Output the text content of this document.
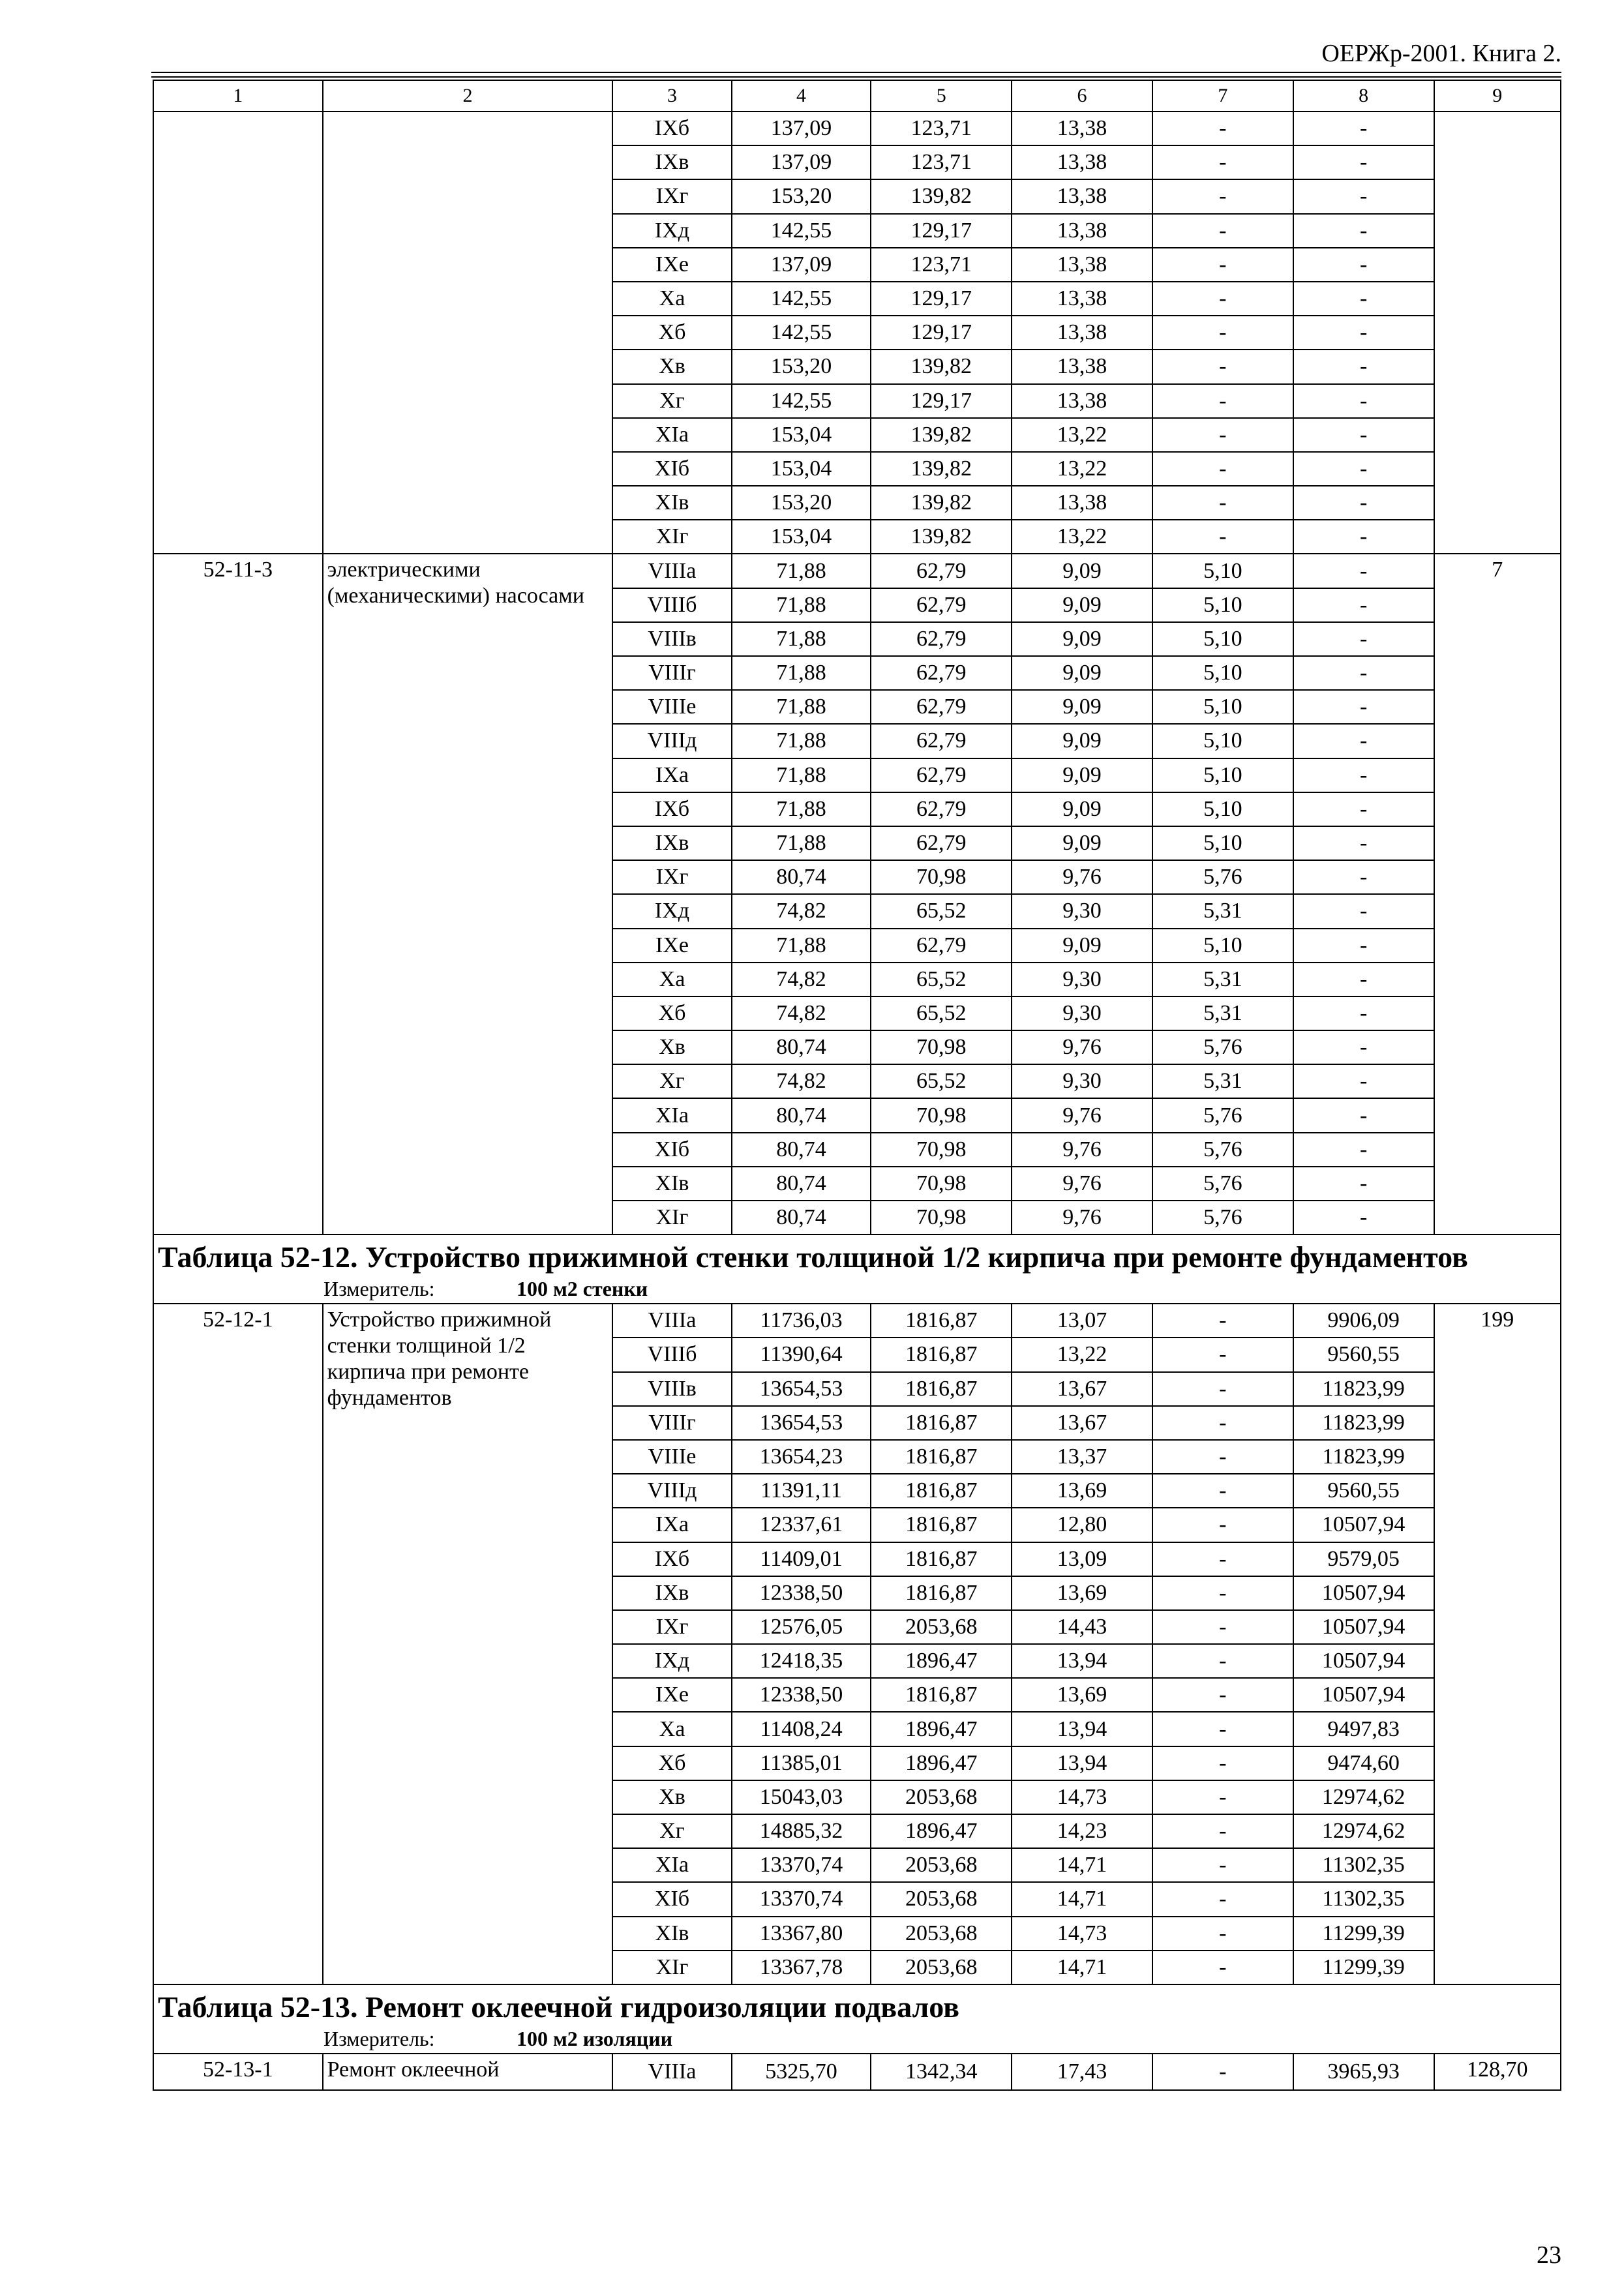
ОЕРЖр-2001. Книга 2.
1	2	3	4	5	6	7	8	9
		IXб	137,09	123,71	13,38	-	-	
		IXв	137,09	123,71	13,38	-	-	
		IXг	153,20	139,82	13,38	-	-	
		IXд	142,55	129,17	13,38	-	-	
		IXе	137,09	123,71	13,38	-	-	
		Xа	142,55	129,17	13,38	-	-	
		Xб	142,55	129,17	13,38	-	-	
		Xв	153,20	139,82	13,38	-	-	
		Xг	142,55	129,17	13,38	-	-	
		XIа	153,04	139,82	13,22	-	-	
		XIб	153,04	139,82	13,22	-	-	
		XIв	153,20	139,82	13,38	-	-	
		XIг	153,04	139,82	13,22	-	-	
52-11-3	электрическими (механическими) насосами	VIIIа	71,88	62,79	9,09	5,10	-	7
		VIIIб	71,88	62,79	9,09	5,10	-	
		VIIIв	71,88	62,79	9,09	5,10	-	
		VIIIг	71,88	62,79	9,09	5,10	-	
		VIIIе	71,88	62,79	9,09	5,10	-	
		VIIIд	71,88	62,79	9,09	5,10	-	
		IXа	71,88	62,79	9,09	5,10	-	
		IXб	71,88	62,79	9,09	5,10	-	
		IXв	71,88	62,79	9,09	5,10	-	
		IXг	80,74	70,98	9,76	5,76	-	
		IXд	74,82	65,52	9,30	5,31	-	
		IXе	71,88	62,79	9,09	5,10	-	
		Xа	74,82	65,52	9,30	5,31	-	
		Xб	74,82	65,52	9,30	5,31	-	
		Xв	80,74	70,98	9,76	5,76	-	
		Xг	74,82	65,52	9,30	5,31	-	
		XIа	80,74	70,98	9,76	5,76	-	
		XIб	80,74	70,98	9,76	5,76	-	
		XIв	80,74	70,98	9,76	5,76	-	
		XIг	80,74	70,98	9,76	5,76	-	

Таблица 52-12. Устройство прижимной стенки толщиной 1/2 кирпича при ремонте фундаментов
Измеритель: 100 м2 стенки								

52-12-1	Устройство прижимной стенки толщиной 1/2 кирпича при ремонте фундаментов	VIIIа	11736,03	1816,87	13,07	-	9906,09	199
		VIIIб	11390,64	1816,87	13,22	-	9560,55	
		VIIIв	13654,53	1816,87	13,67	-	11823,99	
		VIIIг	13654,53	1816,87	13,67	-	11823,99	
		VIIIе	13654,23	1816,87	13,37	-	11823,99	
		VIIIд	11391,11	1816,87	13,69	-	9560,55	
		IXа	12337,61	1816,87	12,80	-	10507,94	
		IXб	11409,01	1816,87	13,09	-	9579,05	
		IXв	12338,50	1816,87	13,69	-	10507,94	
		IXг	12576,05	2053,68	14,43	-	10507,94	
		IXд	12418,35	1896,47	13,94	-	10507,94	
		IXе	12338,50	1816,87	13,69	-	10507,94	
		Xа	11408,24	1896,47	13,94	-	9497,83	
		Xб	11385,01	1896,47	13,94	-	9474,60	
		Xв	15043,03	2053,68	14,73	-	12974,62	
		Xг	14885,32	1896,47	14,23	-	12974,62	
		XIа	13370,74	2053,68	14,71	-	11302,35	
		XIб	13370,74	2053,68	14,71	-	11302,35	
		XIв	13367,80	2053,68	14,73	-	11299,39	
		XIг	13367,78	2053,68	14,71	-	11299,39	

Таблица 52-13. Ремонт оклеечной гидроизоляции подвалов
Измеритель: 100 м2 изоляции								

52-13-1	Ремонт оклеечной	VIIIа	5325,70	1342,34	17,43	-	3965,93	128,70
23
